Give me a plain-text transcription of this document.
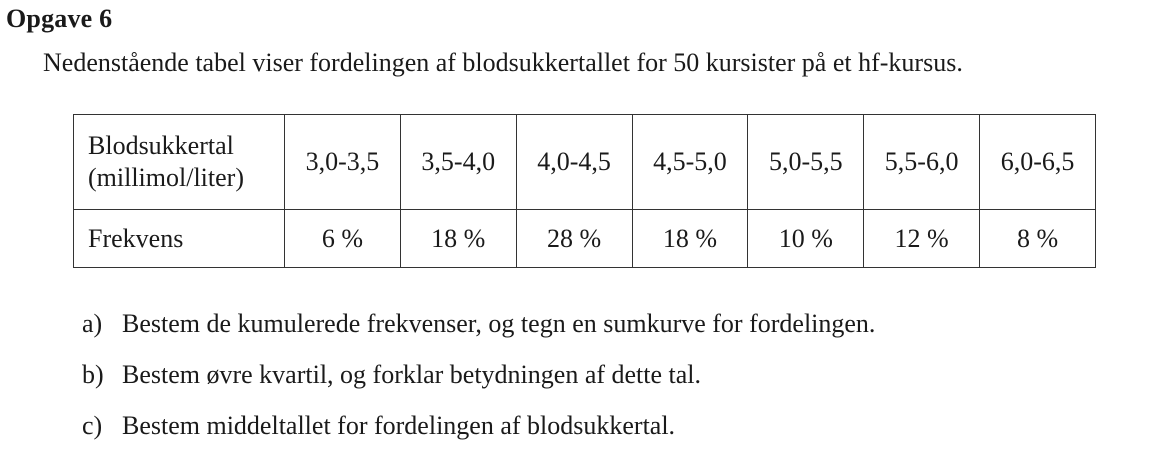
Opgave 6
Nedenstående tabel viser fordelingen af blodsukkertallet for 50 kursister på et hf-kursus.
Blodsukkertal
(millimol/liter)	3,0-3,5	3,5-4,0	4,0-4,5	4,5-5,0	5,0-5,5	5,5-6,0	6,0-6,5
Frekvens	6 %	18 %	28 %	18 %	10 %	12 %	8 %
a) Bestem de kumulerede frekvenser, og tegn en sumkurve for fordelingen.
b) Bestem øvre kvartil, og forklar betydningen af dette tal.
c) Bestem middeltallet for fordelingen af blodsukkertal.
